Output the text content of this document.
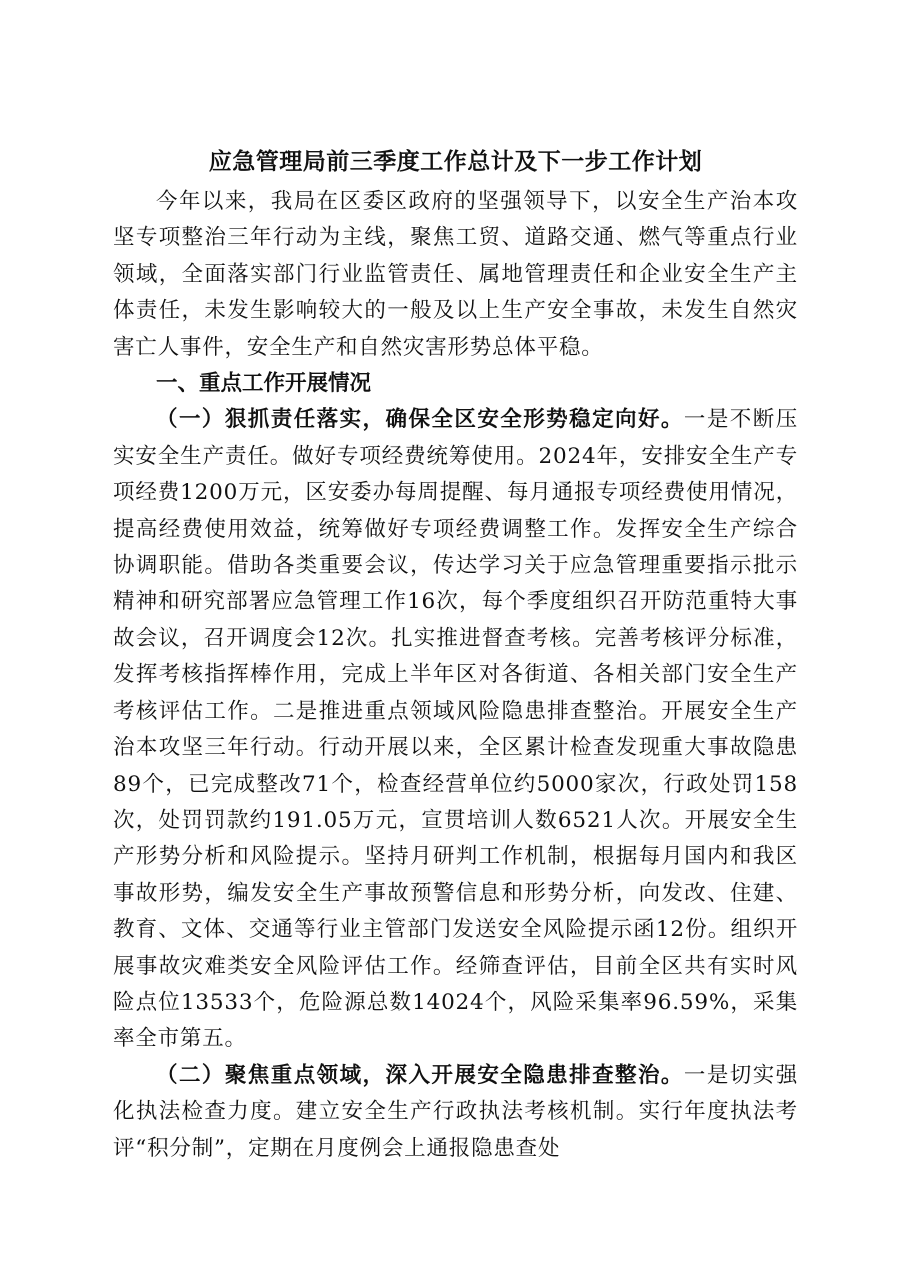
应急管理局前三季度工作总计及下一步工作计划

今年以来，我局在区委区政府的坚强领导下，以安全生产治本攻坚专项整治三年行动为主线，聚焦工贸、道路交通、燃气等重点行业领域，全面落实部门行业监管责任、属地管理责任和企业安全生产主体责任，未发生影响较大的一般及以上生产安全事故，未发生自然灾害亡人事件，安全生产和自然灾害形势总体平稳。

一、重点工作开展情况

（一）狠抓责任落实，确保全区安全形势稳定向好。一是不断压实安全生产责任。做好专项经费统筹使用。2024年，安排安全生产专项经费1200万元，区安委办每周提醒、每月通报专项经费使用情况，提高经费使用效益，统筹做好专项经费调整工作。发挥安全生产综合协调职能。借助各类重要会议，传达学习关于应急管理重要指示批示精神和研究部署应急管理工作16次，每个季度组织召开防范重特大事故会议，召开调度会12次。扎实推进督查考核。完善考核评分标准，发挥考核指挥棒作用，完成上半年区对各街道、各相关部门安全生产考核评估工作。二是推进重点领域风险隐患排查整治。开展安全生产治本攻坚三年行动。行动开展以来，全区累计检查发现重大事故隐患89个，已完成整改71个，检查经营单位约5000家次，行政处罚158次，处罚罚款约191.05万元，宣贯培训人数6521人次。开展安全生产形势分析和风险提示。坚持月研判工作机制，根据每月国内和我区事故形势，编发安全生产事故预警信息和形势分析，向发改、住建、教育、文体、交通等行业主管部门发送安全风险提示函12份。组织开展事故灾难类安全风险评估工作。经筛查评估，目前全区共有实时风险点位13533个，危险源总数14024个，风险采集率96.59%，采集率全市第五。

（二）聚焦重点领域，深入开展安全隐患排查整治。一是切实强化执法检查力度。建立安全生产行政执法考核机制。实行年度执法考评“积分制”，定期在月度例会上通报隐患查处
